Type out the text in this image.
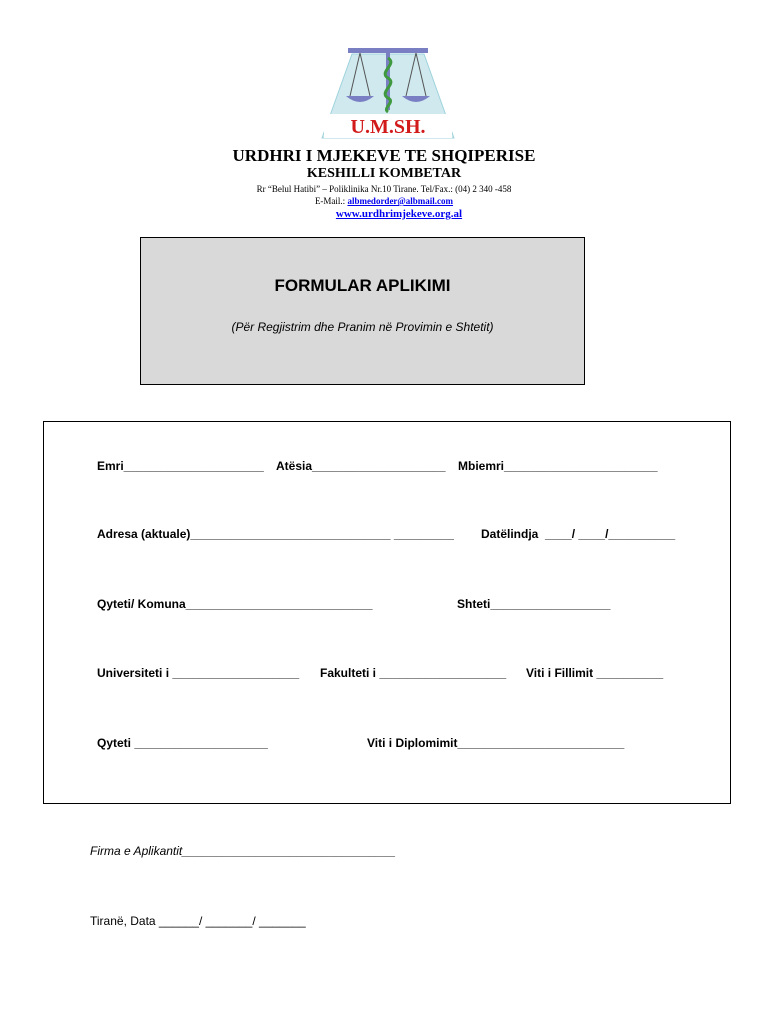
U.M.SH.
URDHRI I MJEKEVE TE SHQIPERISE
KESHILLI KOMBETAR
Rr “Belul Hatibi” – Poliklinika Nr.10 Tirane. Tel/Fax.: (04) 2 340 -458
E-Mail.: albmedorder@albmail.com
www.urdhrimjekeve.org.al
FORMULAR APLIKIMI
(Për Regjistrim dhe Pranim në Provimin e Shtetit)
Emri_____________________ Atësia____________________ Mbiemri_______________________
Adresa (aktuale)______________________________ _________ Datëlindja  ____/ ____/__________
Qyteti/ Komuna____________________________	Shteti__________________
Universiteti i ___________________ Fakulteti i ___________________ Viti i Fillimit __________
Qyteti ____________________	Viti i Diplomimit_________________________
Firma e Aplikantit________________________________
Tiranë, Data ______/ _______/ _______
